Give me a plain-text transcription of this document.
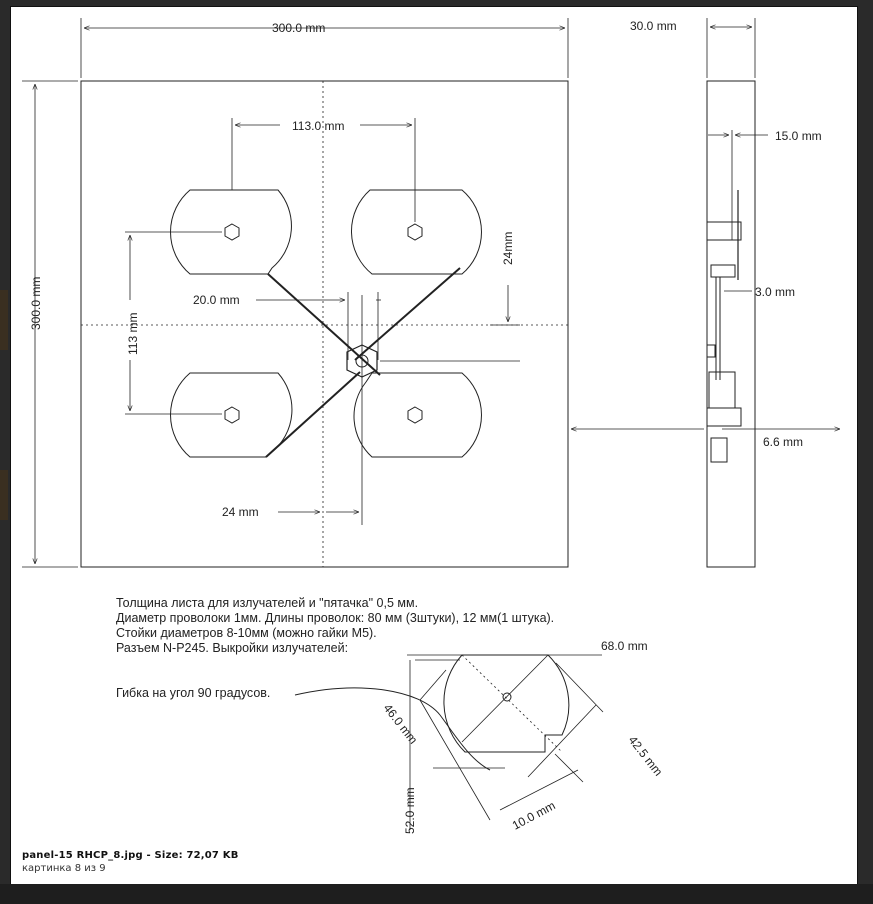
300.0 mm
300.0 mm
113.0 mm
113 mm
20.0 mm
24mm
24 mm
30.0 mm
15.0 mm
3.0 mm
6.6 mm
Толщина листа для излучателей и "пятачка" 0,5 мм.
Диаметр проволоки 1мм. Длины проволок: 80 мм (3штуки), 12 мм(1 штука).
Стойки диаметров 8-10мм (можно гайки М5).
Разъем N-P245. Выкройки излучателей:
Гибка на угол 90 градусов.
68.0 mm
42.5 mm
46.0 mm
52.0 mm	10.0 mm
panel-15 RHCP_8.jpg - Size: 72,07 KB
картинка 8 из 9
